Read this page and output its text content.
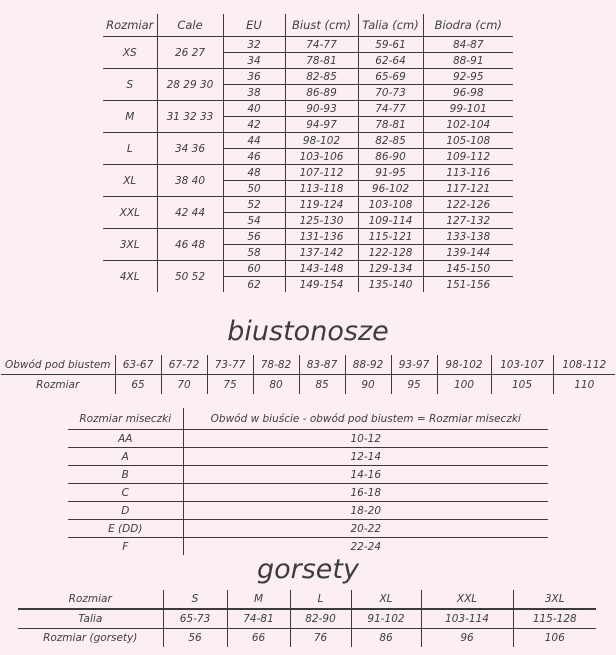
Rozmiar	Cale	EU	Biust (cm)	Talia (cm)	Biodra (cm)
XS	26 27	32	74-77	59-61	84-87
		34	78-81	62-64	88-91
S	28 29 30	36	82-85	65-69	92-95
		38	86-89	70-73	96-98
M	31 32 33	40	90-93	74-77	99-101
		42	94-97	78-81	102-104
L	34 36	44	98-102	82-85	105-108
		46	103-106	86-90	109-112
XL	38 40	48	107-112	91-95	113-116
		50	113-118	96-102	117-121
XXL	42 44	52	119-124	103-108	122-126
		54	125-130	109-114	127-132
3XL	46 48	56	131-136	115-121	133-138
		58	137-142	122-128	139-144
4XL	50 52	60	143-148	129-134	145-150
		62	149-154	135-140	151-156
biustonosze
Obwód pod biustem	63-67	67-72	73-77	78-82	83-87	88-92	93-97	98-102	103-107	108-112
Rozmiar	65	70	75	80	85	90	95	100	105	110
Rozmiar miseczki	Obwód w biuście - obwód pod biustem = Rozmiar miseczki
AA	10-12
A	12-14
B	14-16
C	16-18
D	18-20
E (DD)	20-22
F	22-24
gorsety
Rozmiar	S	M	L	XL	XXL	3XL
Talia	65-73	74-81	82-90	91-102	103-114	115-128
Rozmiar (gorsety)	56	66	76	86	96	106
